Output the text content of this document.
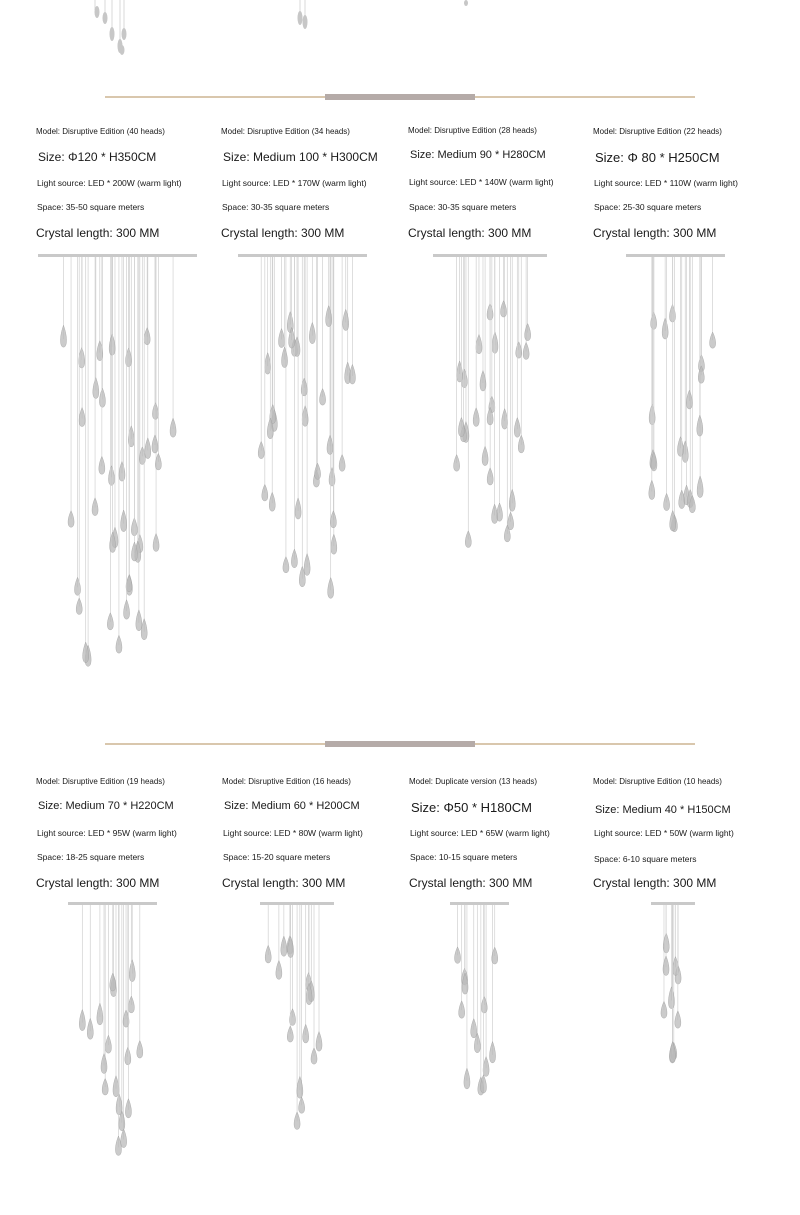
Model: Disruptive Edition (40 heads)
Size: Φ120 * H350CM
Light source: LED * 200W (warm light)
Space: 35-50 square meters
Crystal length: 300 MM
Model: Disruptive Edition (34 heads)
Size: Medium 100 * H300CM
Light source: LED * 170W (warm light)
Space: 30-35 square meters
Crystal length: 300 MM
Model: Disruptive Edition (28 heads)
Size: Medium 90 * H280CM
Light source: LED * 140W (warm light)
Space: 30-35 square meters
Crystal length: 300 MM
Model: Disruptive Edition (22 heads)
Size: Φ 80 * H250CM
Light source: LED * 110W (warm light)
Space: 25-30 square meters
Crystal length: 300 MM
Model: Disruptive Edition (19 heads)
Size: Medium 70 * H220CM
Light source: LED * 95W (warm light)
Space: 18-25 square meters
Crystal length: 300 MM
Model: Disruptive Edition (16 heads)
Size: Medium 60 * H200CM
Light source: LED * 80W (warm light)
Space: 15-20 square meters
Crystal length: 300 MM
Model: Duplicate version (13 heads)
Size: Φ50 * H180CM
Light source: LED * 65W (warm light)
Space: 10-15 square meters
Crystal length: 300 MM
Model: Disruptive Edition (10 heads)
Size: Medium 40 * H150CM
Light source: LED * 50W (warm light)
Space: 6-10 square meters
Crystal length: 300 MM
